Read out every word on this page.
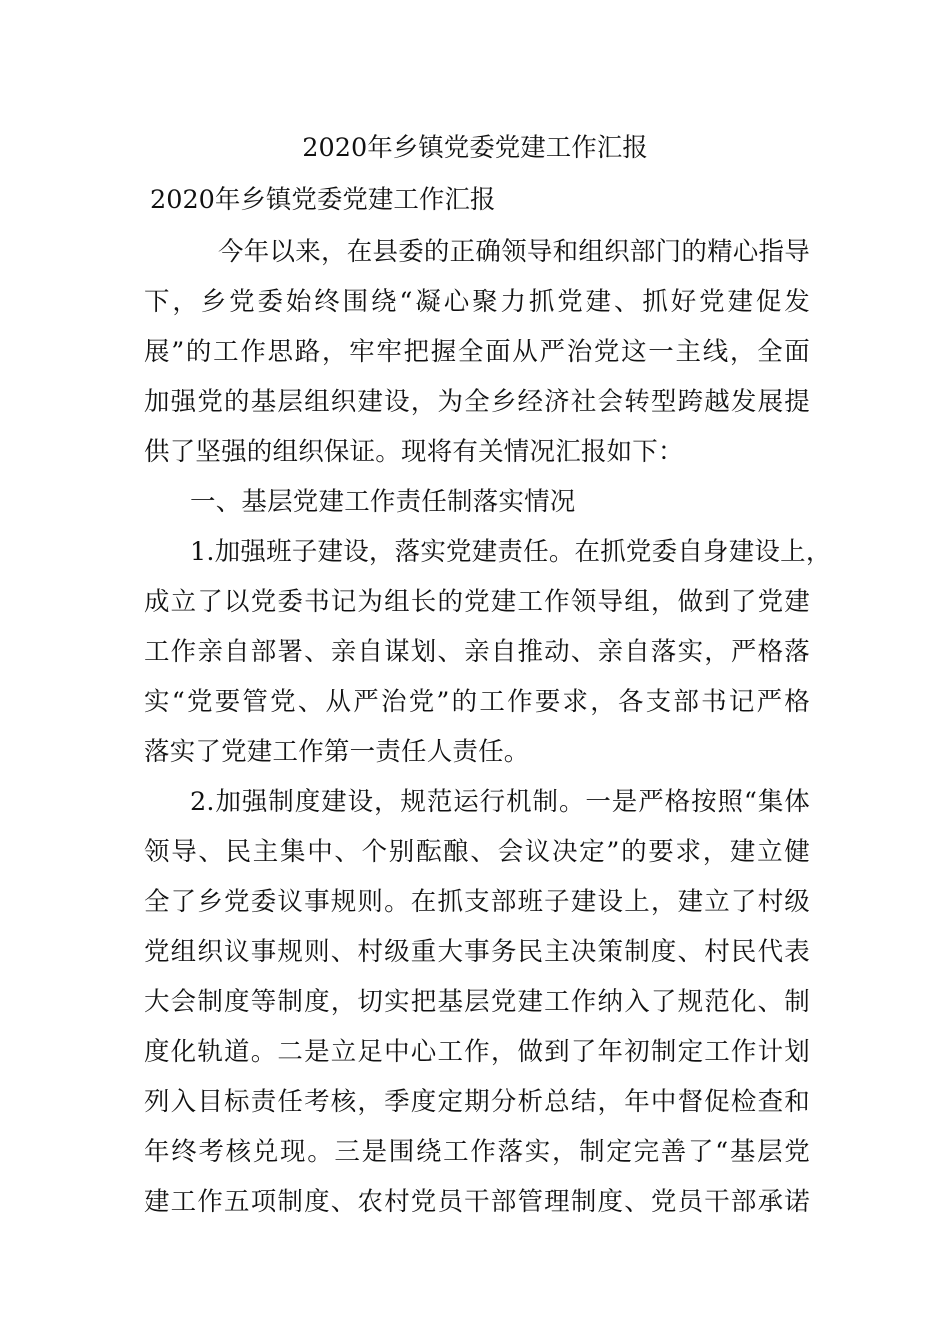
2020年乡镇党委党建工作汇报
2020年乡镇党委党建工作汇报
今年以来，在县委的正确领导和组织部门的精心指导
下，乡党委始终围绕“凝心聚力抓党建、抓好党建促发
展”的工作思路，牢牢把握全面从严治党这一主线，全面
加强党的基层组织建设，为全乡经济社会转型跨越发展提
供了坚强的组织保证。现将有关情况汇报如下：
一、基层党建工作责任制落实情况
1.加强班子建设，落实党建责任。在抓党委自身建设上，
成立了以党委书记为组长的党建工作领导组，做到了党建
工作亲自部署、亲自谋划、亲自推动、亲自落实，严格落
实“党要管党、从严治党”的工作要求，各支部书记严格
落实了党建工作第一责任人责任。
2.加强制度建设，规范运行机制。一是严格按照“集体
领导、民主集中、个别酝酿、会议决定”的要求，建立健
全了乡党委议事规则。在抓支部班子建设上，建立了村级
党组织议事规则、村级重大事务民主决策制度、村民代表
大会制度等制度，切实把基层党建工作纳入了规范化、制
度化轨道。二是立足中心工作，做到了年初制定工作计划
列入目标责任考核，季度定期分析总结，年中督促检查和
年终考核兑现。三是围绕工作落实，制定完善了“基层党
建工作五项制度、农村党员干部管理制度、党员干部承诺
